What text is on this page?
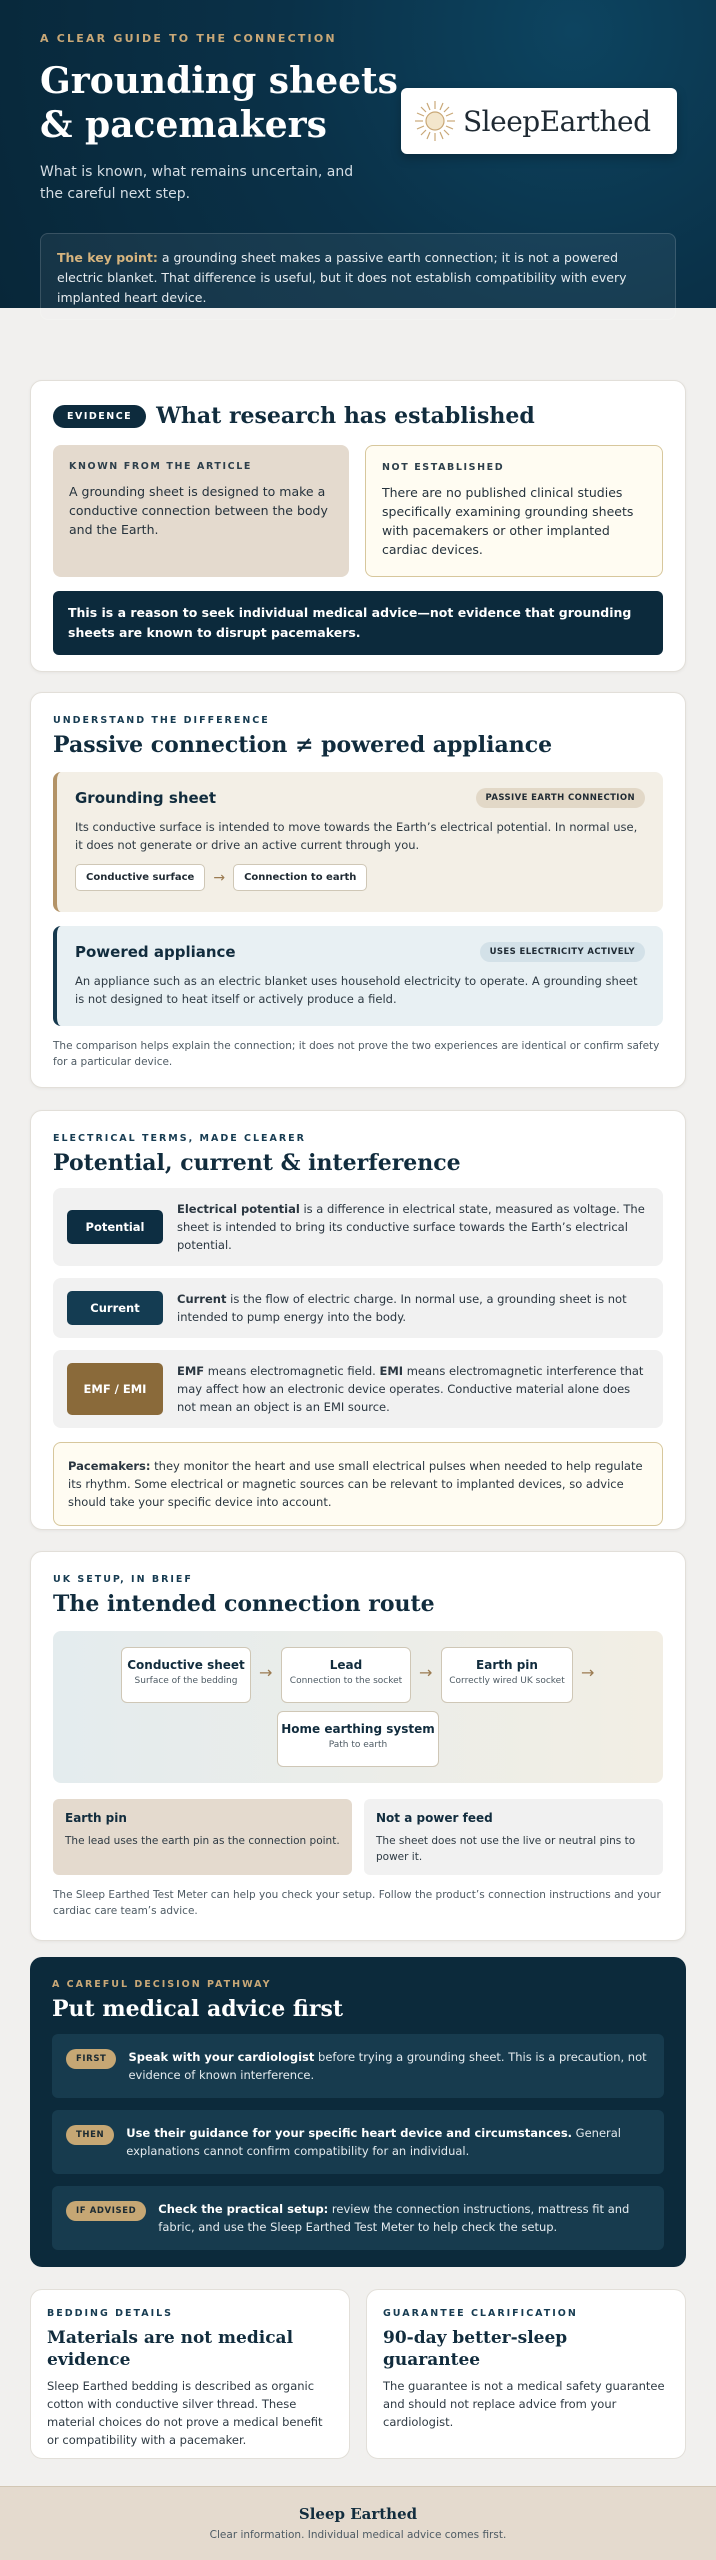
A CLEAR GUIDE TO THE CONNECTION
Grounding sheets
& pacemakers

What is known, what remains uncertain, and the careful next step.

SleepEarthed
The key point: a grounding sheet makes a passive earth connection; it is not a powered electric blanket. That difference is useful, but it does not establish compatibility with every implanted heart device.
EVIDENCE	What research has established
KNOWN FROM THE ARTICLE
A grounding sheet is designed to make a conductive connection between the body and the Earth.
NOT ESTABLISHED
There are no published clinical studies specifically examining grounding sheets with pacemakers or other implanted cardiac devices.
This is a reason to seek individual medical advice—not evidence that grounding sheets are known to disrupt pacemakers.
UNDERSTAND THE DIFFERENCE
Passive connection ≠ powered appliance
Grounding sheet	PASSIVE EARTH CONNECTION
Its conductive surface is intended to move towards the Earth’s electrical potential. In normal use, it does not generate or drive an active current through you.
Conductive surface	→	Connection to earth
Powered appliance	USES ELECTRICITY ACTIVELY
An appliance such as an electric blanket uses household electricity to operate. A grounding sheet is not designed to heat itself or actively produce a field.
The comparison helps explain the connection; it does not prove the two experiences are identical or confirm safety for a particular device.
ELECTRICAL TERMS, MADE CLEARER
Potential, current & interference
Potential
Electrical potential is a difference in electrical state, measured as voltage. The sheet is intended to bring its conductive surface towards the Earth’s electrical potential.
Current
Current is the flow of electric charge. In normal use, a grounding sheet is not intended to pump energy into the body.
EMF / EMI
EMF means electromagnetic field. EMI means electromagnetic interference that may affect how an electronic device operates. Conductive material alone does not mean an object is an EMI source.
Pacemakers: they monitor the heart and use small electrical pulses when needed to help regulate its rhythm. Some electrical or magnetic sources can be relevant to implanted devices, so advice should take your specific device into account.
UK SETUP, IN BRIEF
The intended connection route
Conductive sheet
Surface of the bedding	→	Lead
Connection to the socket	→	Earth pin
Correctly wired UK socket	→
Home earthing system
Path to earth
Earth pin
The lead uses the earth pin as the connection point.
Not a power feed
The sheet does not use the live or neutral pins to power it.
The Sleep Earthed Test Meter can help you check your setup. Follow the product’s connection instructions and your cardiac care team’s advice.
A CAREFUL DECISION PATHWAY
Put medical advice first
FIRST	Speak with your cardiologist before trying a grounding sheet. This is a precaution, not evidence of known interference.
THEN	Use their guidance for your specific heart device and circumstances. General explanations cannot confirm compatibility for an individual.
IF ADVISED	Check the practical setup: review the connection instructions, mattress fit and fabric, and use the Sleep Earthed Test Meter to help check the setup.
BEDDING DETAILS
Materials are not medical evidence

Sleep Earthed bedding is described as organic cotton with conductive silver thread. These material choices do not prove a medical benefit or compatibility with a pacemaker.

GUARANTEE CLARIFICATION
90-day better-sleep guarantee

The guarantee is not a medical safety guarantee and should not replace advice from your cardiologist.

Sleep Earthed
Clear information. Individual medical advice comes first.
